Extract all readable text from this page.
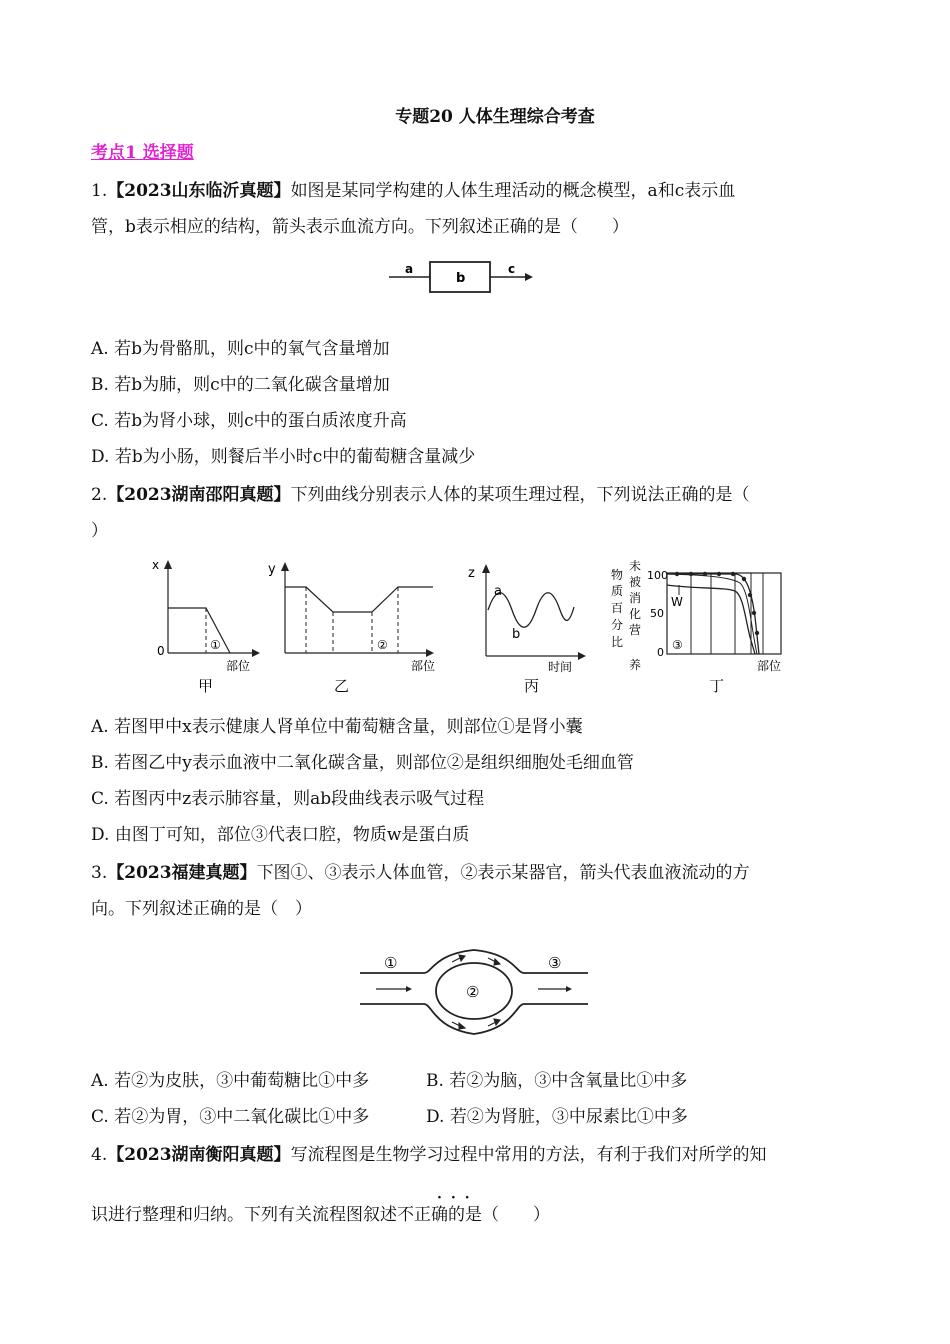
专题20 人体生理综合考查
考点1 选择题
1.【2023山东临沂真题】如图是某同学构建的人体生理活动的概念模型，a和c表示血
管，b表示相应的结构，箭头表示血流方向。下列叙述正确的是（　　）
a
b
c
A. 若b为骨骼肌，则c中的氧气含量增加
B. 若b为肺，则c中的二氧化碳含量增加
C. 若b为肾小球，则c中的蛋白质浓度升高
D. 若b为小肠，则餐后半小时c中的葡萄糖含量减少
2.【2023湖南邵阳真题】下列曲线分别表示人体的某项生理过程，下列说法正确的是（
）
x
0	①
部位
甲
y
②
部位
乙
z
a
b
时间
丙
物
质
百
分
比
未
被
消
化
营
养
100
50
0
W
③
部位
丁
A. 若图甲中x表示健康人肾单位中葡萄糖含量，则部位①是肾小囊
B. 若图乙中y表示血液中二氧化碳含量，则部位②是组织细胞处毛细血管
C. 若图丙中z表示肺容量，则ab段曲线表示吸气过程
D. 由图丁可知，部位③代表口腔，物质w是蛋白质
3.【2023福建真题】下图①、③表示人体血管，②表示某器官，箭头代表血液流动的方
向。下列叙述正确的是（　）
①
②
③
A. 若②为皮肤，③中葡萄糖比①中多	B. 若②为脑，③中含氧量比①中多
C. 若②为胃，③中二氧化碳比①中多	D. 若②为肾脏，③中尿素比①中多
4.【2023湖南衡阳真题】写流程图是生物学习过程中常用的方法，有利于我们对所学的知
···
识进行整理和归纳。下列有关流程图叙述不正确的是（　　）
